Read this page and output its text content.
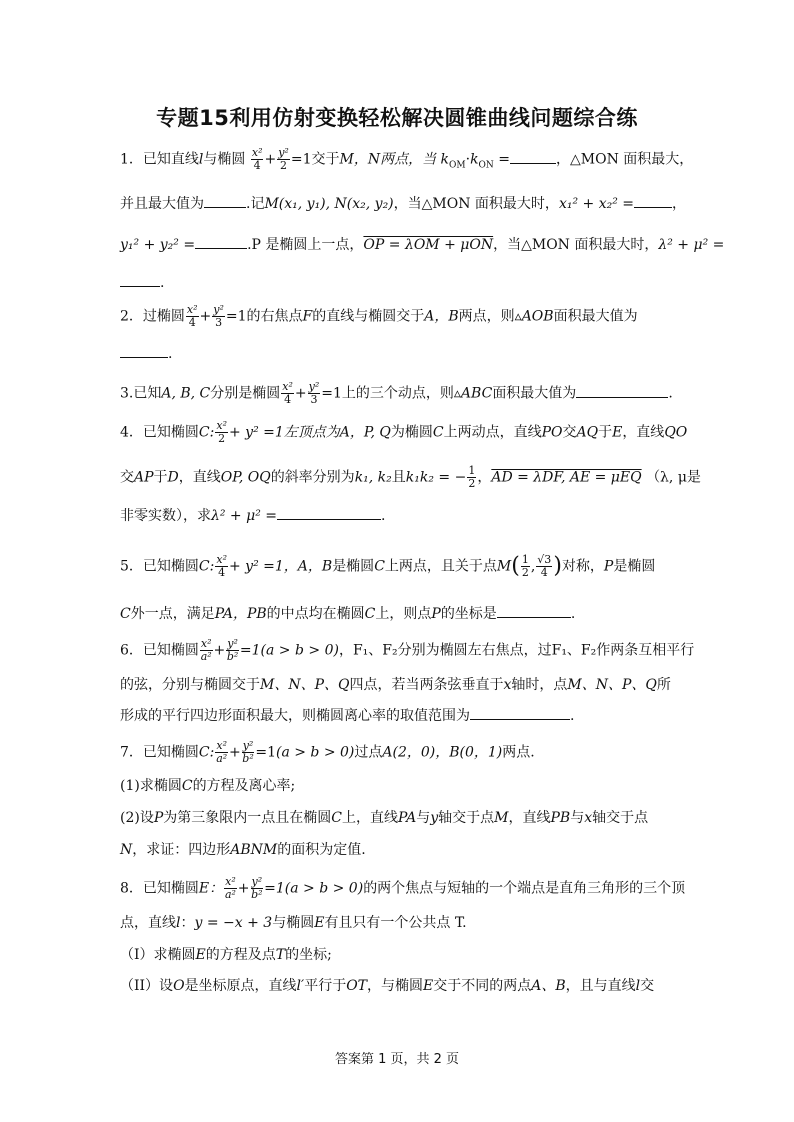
专题15利用仿射变换轻松解决圆锥曲线问题综合练
1．已知直线l与椭圆 $\frac{\text{x²}}{4} + \frac{\text{y²}}{2} =1$交于M，N两点，当 $k_{OM}\cdot k_{ON}$ =	，△MON 面积最大，
并且最大值为	.记M(x₁, y₁), N(x₂, y₂)，当△MON 面积最大时，x₁² + x₂² =	，
y₁² + y₂² =	.P 是椭圆上一点，OP = λOM + μON，当△MON 面积最大时，λ² + μ² =
.
2．过椭圆 $\frac{\text{x²}}{4} + \frac{\text{y²}}{3} =1$的右焦点F的直线与椭圆交于A，B两点，则▵AOB面积最大值为
.
3.已知A, B, C分别是椭圆 $\frac{\text{x²}}{4} + \frac{\text{y²}}{3} =1$上的三个动点，则▵ABC面积最大值为	.
4．已知椭圆C: $\frac{\text{x²}}{2} + y^2 =1$左顶点为A，P, Q为椭圆C上两动点，直线PO交AQ于E，直线QO
交AP于D，直线OP, OQ的斜率分别为k₁, k₂且k₁k₂ = − $\frac{1}{2}$ ，AD = λDF, AE = μEQ （λ, μ是
非零实数），求λ² + μ² =	.
5．已知椭圆C: $\frac{\text{x²}}{4} + y^2 =1$，A，B是椭圆C上两点，且关于点$M( \frac{1}{2}$ , $\frac{√3}{4}$ )对称，P是椭圆
C外一点，满足PA，PB的中点均在椭圆C上，则点P的坐标是	.
6．已知椭圆 $\frac{\text{x²}}{\text{a²}}+ \frac{\text{y²}}{\text{b²}}=1(a > b > 0)$，F₁、F₂分别为椭圆左右焦点，过F₁、F₂作两条互相平行
的弦，分别与椭圆交于M、N、P、Q四点，若当两条弦垂直于x轴时，点M、N、P、Q所
形成的平行四边形面积最大，则椭圆离心率的取值范围为	.
7．已知椭圆C: $\frac{\text{x²}}{\text{a²}}+ \frac{\text{y²}}{\text{b²}}=1(a > b > 0)$过点A(2，0)，B(0，1)两点.
(1)求椭圆C的方程及离心率;
(2)设P为第三象限内一点且在椭圆C上，直线PA与y轴交于点M，直线PB与x轴交于点
N，求证：四边形ABNM的面积为定值.
8．已知椭圆E： $\frac{\text{x²}}{\text{a²}}+ \frac{\text{y²}}{\text{b²}}=1(a > b > 0)$的两个焦点与短轴的一个端点是直角三角形的三个顶
点，直线l：y = −x + 3与椭圆E有且只有一个公共点 T.
（I）求椭圆E的方程及点T的坐标;
（II）设O是坐标原点，直线l′平行于OT，与椭圆E交于不同的两点A、B，且与直线l交
答案第 1 页，共 2 页
